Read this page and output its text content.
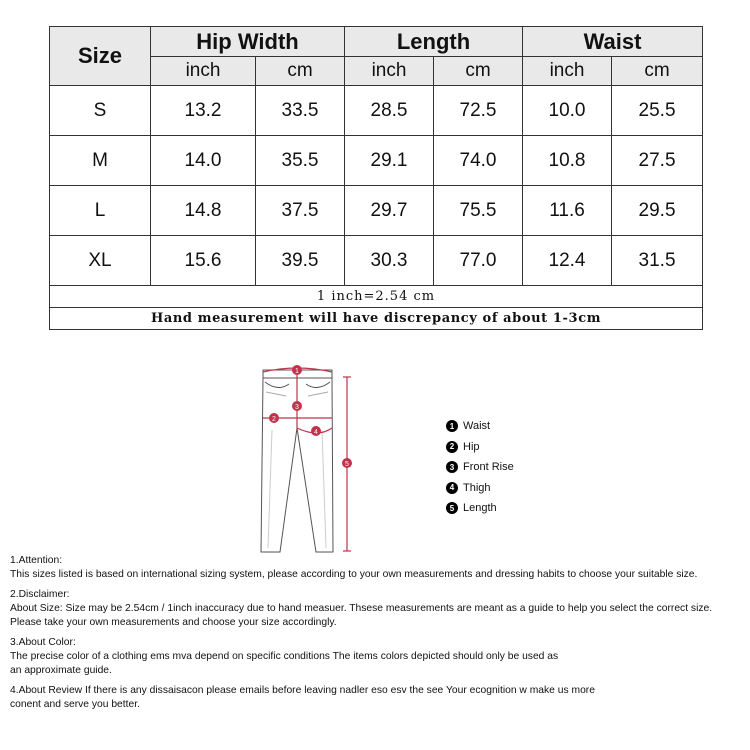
Size	Hip Width		Length		Waist	
	inch	cm	inch	cm	inch	cm
S	13.2	33.5	28.5	72.5	10.0	25.5
M	14.0	35.5	29.1	74.0	10.8	27.5
L	14.8	37.5	29.7	75.5	11.6	29.5
XL	15.6	39.5	30.3	77.0	12.4	31.5
1 inch=2.54 cm						
Hand measurement will have discrepancy of about 1-3cm						
1
2
3
4
5
1 Waist
2 Hip
3 Front Rise
4 Thigh
5 Length
1.Attention:
This sizes listed is based on international sizing system, please according to your own measurements and dressing habits to choose your suitable size.
2.Disclaimer:
About Size: Size may be 2.54cm / 1inch inaccuracy due to hand measuer. Thsese measurements are meant as a guide to help you select the correct size.
Please take your own measurements and choose your size accordingly.
3.About Color:
The precise color of a clothing ems mva depend on specific conditions The items colors depicted should only be used as
an approximate guide.
4.About Review If there is any dissaisacon please emails before leaving nadler eso esv the see Your ecognition w make us more
conent and serve you better.
